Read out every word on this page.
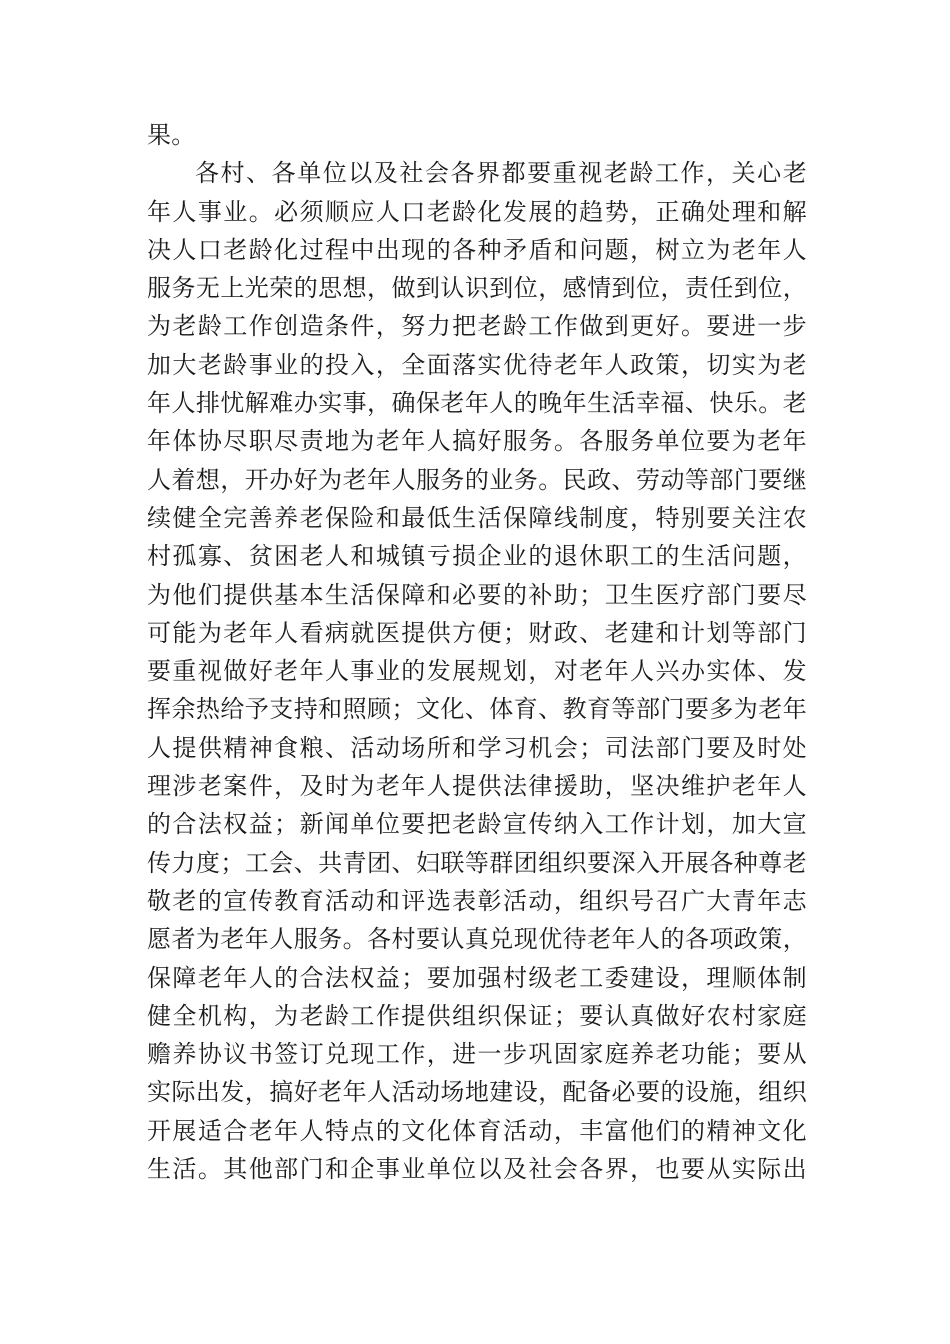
果。
各村、各单位以及社会各界都要重视老龄工作，关心老
年人事业。必须顺应人口老龄化发展的趋势，正确处理和解
决人口老龄化过程中出现的各种矛盾和问题，树立为老年人
服务无上光荣的思想，做到认识到位，感情到位，责任到位，
为老龄工作创造条件，努力把老龄工作做到更好。要进一步
加大老龄事业的投入，全面落实优待老年人政策，切实为老
年人排忧解难办实事，确保老年人的晚年生活幸福、快乐。老
年体协尽职尽责地为老年人搞好服务。各服务单位要为老年
人着想，开办好为老年人服务的业务。民政、劳动等部门要继
续健全完善养老保险和最低生活保障线制度，特别要关注农
村孤寡、贫困老人和城镇亏损企业的退休职工的生活问题，
为他们提供基本生活保障和必要的补助；卫生医疗部门要尽
可能为老年人看病就医提供方便；财政、老建和计划等部门
要重视做好老年人事业的发展规划，对老年人兴办实体、发
挥余热给予支持和照顾；文化、体育、教育等部门要多为老年
人提供精神食粮、活动场所和学习机会；司法部门要及时处
理涉老案件，及时为老年人提供法律援助，坚决维护老年人
的合法权益；新闻单位要把老龄宣传纳入工作计划，加大宣
传力度；工会、共青团、妇联等群团组织要深入开展各种尊老
敬老的宣传教育活动和评选表彰活动，组织号召广大青年志
愿者为老年人服务。各村要认真兑现优待老年人的各项政策，
保障老年人的合法权益；要加强村级老工委建设，理顺体制
健全机构，为老龄工作提供组织保证；要认真做好农村家庭
赡养协议书签订兑现工作，进一步巩固家庭养老功能；要从
实际出发，搞好老年人活动场地建设，配备必要的设施，组织
开展适合老年人特点的文化体育活动，丰富他们的精神文化
生活。其他部门和企事业单位以及社会各界，也要从实际出
